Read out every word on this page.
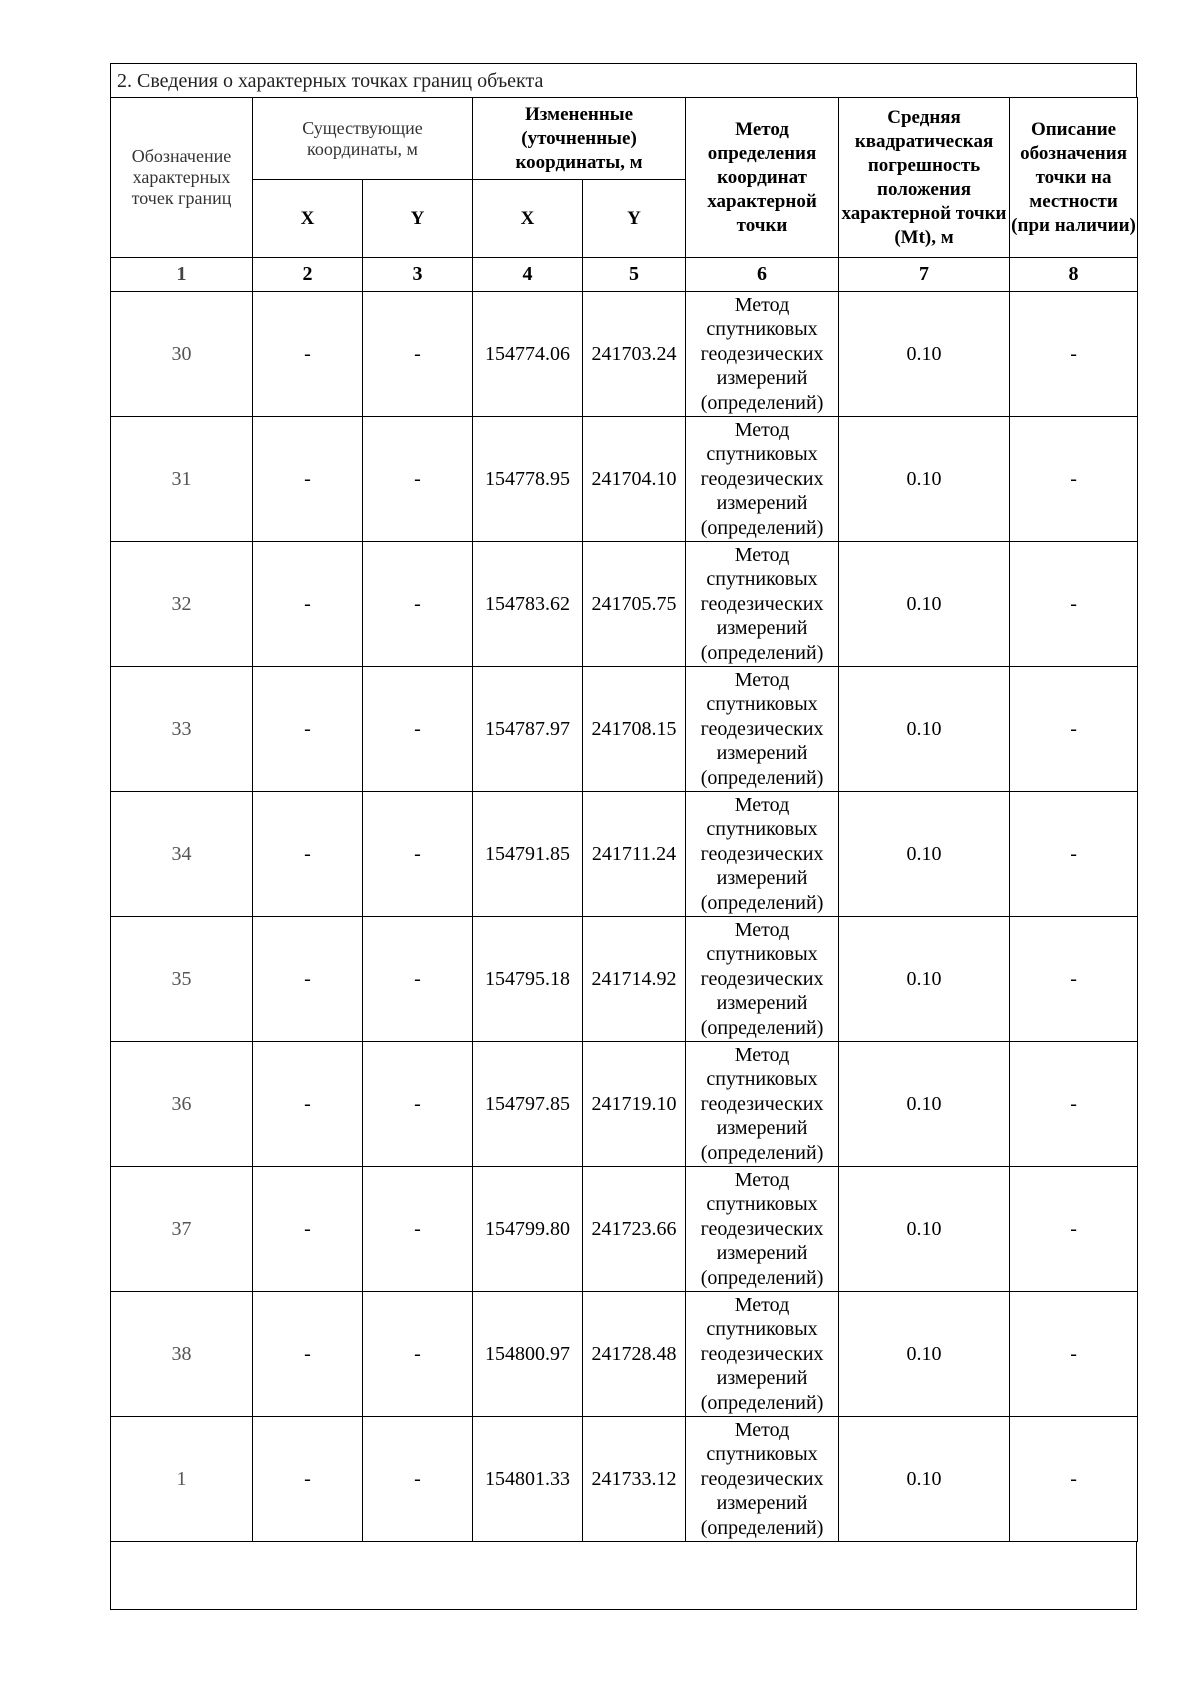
2. Сведения о характерных точках границ объекта
Обозначение характерных точек границ	Существующие координаты, м		Измененные (уточненные) координаты, м		Метод определения координат характерной точки	Средняя квадратическая погрешность положения характерной точки (Mt), м	Описание обозначения точки на местности (при наличии)
	X	Y	X	Y			
1	2	3	4	5	6	7	8
30	-	-	154774.06	241703.24	Метод спутниковых геодезических измерений (определений)	0.10	-
31	-	-	154778.95	241704.10	Метод спутниковых геодезических измерений (определений)	0.10	-
32	-	-	154783.62	241705.75	Метод спутниковых геодезических измерений (определений)	0.10	-
33	-	-	154787.97	241708.15	Метод спутниковых геодезических измерений (определений)	0.10	-
34	-	-	154791.85	241711.24	Метод спутниковых геодезических измерений (определений)	0.10	-
35	-	-	154795.18	241714.92	Метод спутниковых геодезических измерений (определений)	0.10	-
36	-	-	154797.85	241719.10	Метод спутниковых геодезических измерений (определений)	0.10	-
37	-	-	154799.80	241723.66	Метод спутниковых геодезических измерений (определений)	0.10	-
38	-	-	154800.97	241728.48	Метод спутниковых геодезических измерений (определений)	0.10	-
1	-	-	154801.33	241733.12	Метод спутниковых геодезических измерений (определений)	0.10	-
